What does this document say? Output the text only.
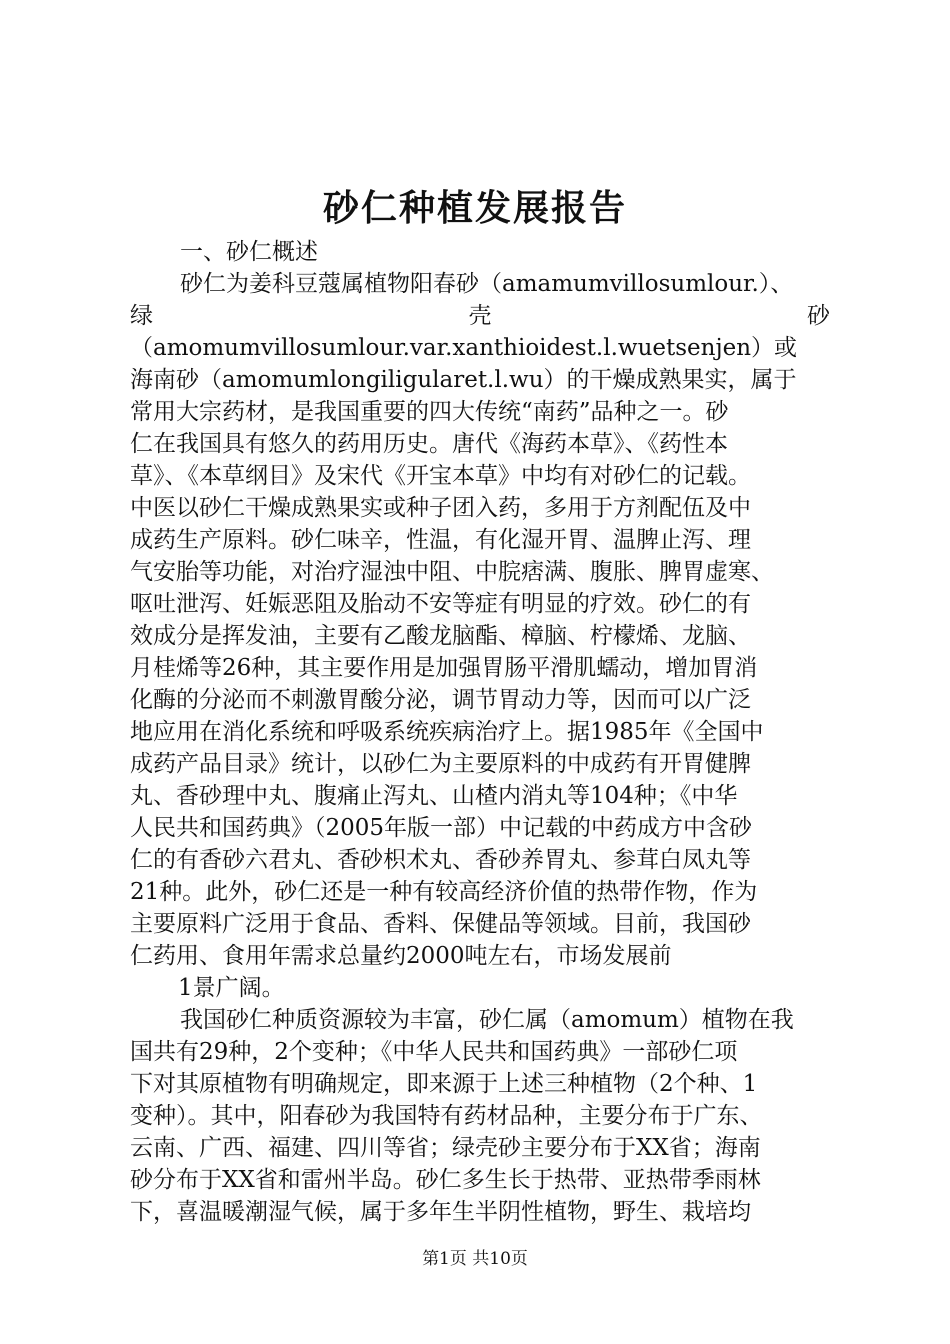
砂仁种植发展报告
一、砂仁概述
砂仁为姜科豆蔻属植物阳春砂（amamumvillosumlour.）、
绿	壳	砂
（amomumvillosumlour.var.xanthioidest.l.wuetsenjen）或
海南砂（amomumlongiligularet.l.wu）的干燥成熟果实，属于
常用大宗药材，是我国重要的四大传统“南药”品种之一。砂
仁在我国具有悠久的药用历史。唐代《海药本草》、《药性本
草》、《本草纲目》及宋代《开宝本草》中均有对砂仁的记载。
中医以砂仁干燥成熟果实或种子团入药，多用于方剂配伍及中
成药生产原料。砂仁味辛，性温，有化湿开胃、温脾止泻、理
气安胎等功能，对治疗湿浊中阻、中脘痞满、腹胀、脾胃虚寒、
呕吐泄泻、妊娠恶阻及胎动不安等症有明显的疗效。砂仁的有
效成分是挥发油，主要有乙酸龙脑酯、樟脑、柠檬烯、龙脑、
月桂烯等26种，其主要作用是加强胃肠平滑肌蠕动，增加胃消
化酶的分泌而不刺激胃酸分泌，调节胃动力等，因而可以广泛
地应用在消化系统和呼吸系统疾病治疗上。据1985年《全国中
成药产品目录》统计，以砂仁为主要原料的中成药有开胃健脾
丸、香砂理中丸、腹痛止泻丸、山楂内消丸等104种；《中华
人民共和国药典》（2005年版一部）中记载的中药成方中含砂
仁的有香砂六君丸、香砂枳术丸、香砂养胃丸、参茸白凤丸等
21种。此外，砂仁还是一种有较高经济价值的热带作物，作为
主要原料广泛用于食品、香料、保健品等领域。目前，我国砂
仁药用、食用年需求总量约2000吨左右，市场发展前
1景广阔。
我国砂仁种质资源较为丰富，砂仁属（amomum）植物在我
国共有29种，2个变种；《中华人民共和国药典》一部砂仁项
下对其原植物有明确规定，即来源于上述三种植物（2个种、1
变种）。其中，阳春砂为我国特有药材品种，主要分布于广东、
云南、广西、福建、四川等省；绿壳砂主要分布于XX省；海南
砂分布于XX省和雷州半岛。砂仁多生长于热带、亚热带季雨林
下，喜温暖潮湿气候，属于多年生半阴性植物，野生、栽培均
第1页 共10页
